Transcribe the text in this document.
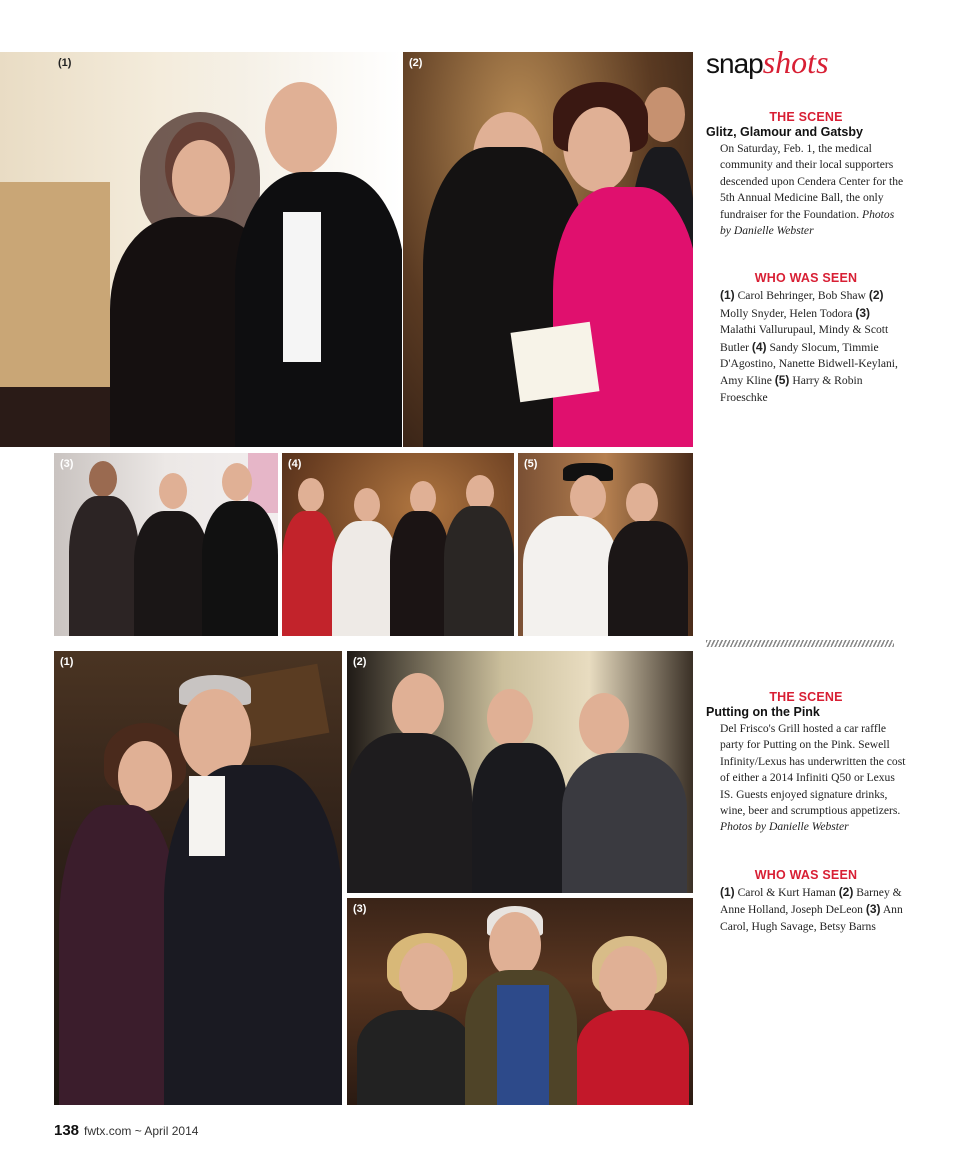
(1)	(2)
(3)	(4)	(5)
(1)	(2)
(3)
snapshots
THE SCENE
Glitz, Glamour and Gatsby
On Saturday, Feb. 1, the medical community and their local supporters descended upon Cendera Center for the 5th Annual Medicine Ball, the only fundraiser for the Foundation. Photos by Danielle Webster
WHO WAS SEEN
(1) Carol Behringer, Bob Shaw (2) Molly Snyder, Helen Todora (3) Malathi Vallurupaul, Mindy & Scott Butler (4) Sandy Slocum, Timmie D'Agostino, Nanette Bidwell-Keylani, Amy Kline (5) Harry & Robin Froeschke
THE SCENE
Putting on the Pink
Del Frisco's Grill hosted a car raffle party for Putting on the Pink. Sewell Infinity/Lexus has underwritten the cost of either a 2014 Infiniti Q50 or Lexus IS. Guests enjoyed signature drinks, wine, beer and scrumptious appetizers. Photos by Danielle Webster
WHO WAS SEEN
(1) Carol & Kurt Haman (2) Barney & Anne Holland, Joseph DeLeon (3) Ann Carol, Hugh Savage, Betsy Barns
138 fwtx.com ~ April 2014
